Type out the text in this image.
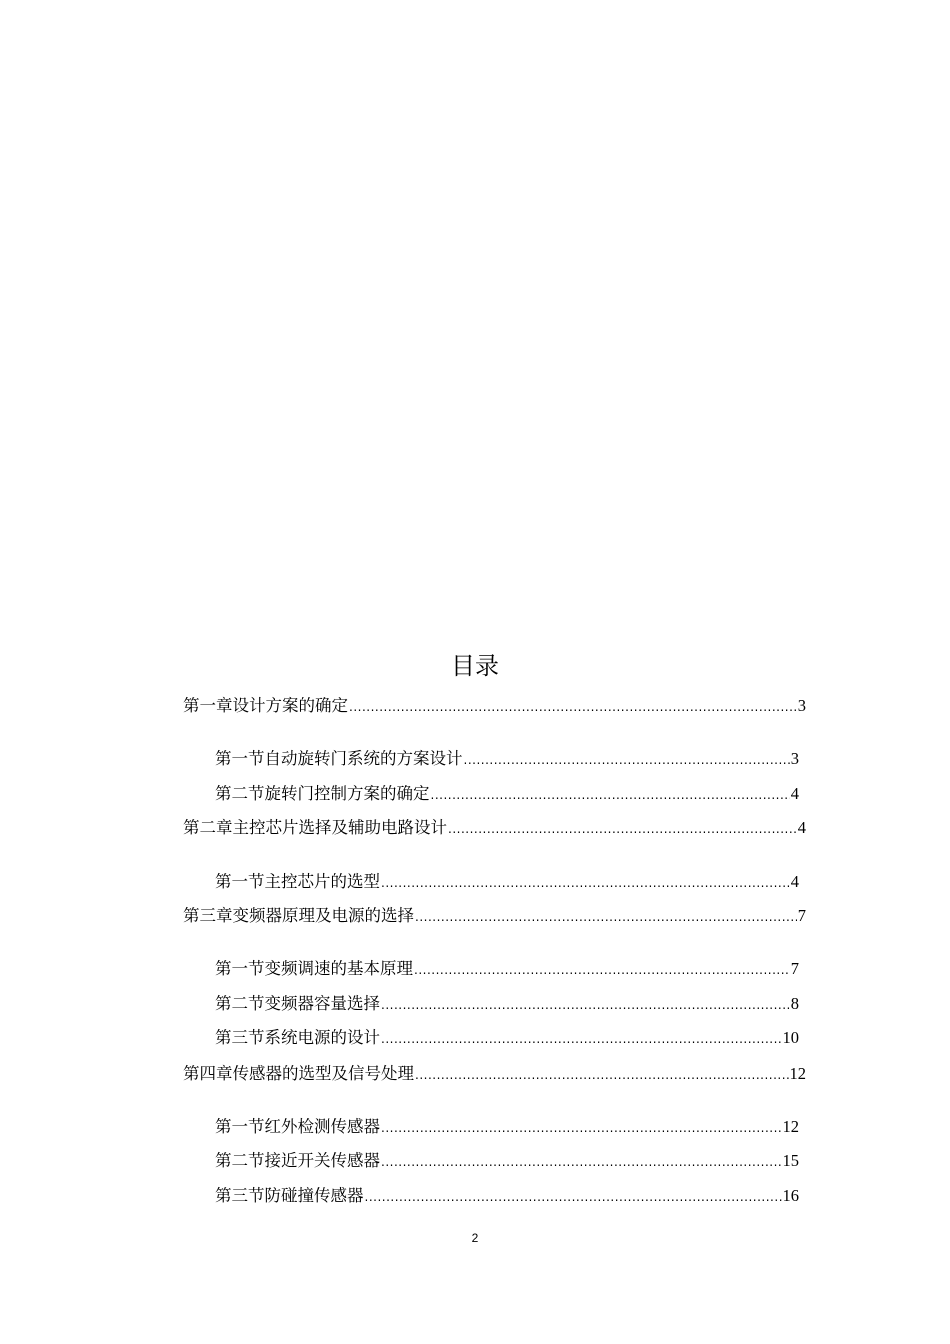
目录
第一章设计方案的确定 .....	3
第一节自动旋转门系统的方案设计 .....	3
第二节旋转门控制方案的确定 .....	4
第二章主控芯片选择及辅助电路设计 .....	4
第一节主控芯片的选型 .....	4
第三章变频器原理及电源的选择 .....	7
第一节变频调速的基本原理 .....	7
第二节变频器容量选择 .....	8
第三节系统电源的设计 .....	10
第四章传感器的选型及信号处理 .....	12
第一节红外检测传感器 .....	12
第二节接近开关传感器 .....	15
第三节防碰撞传感器 .....	16
2
